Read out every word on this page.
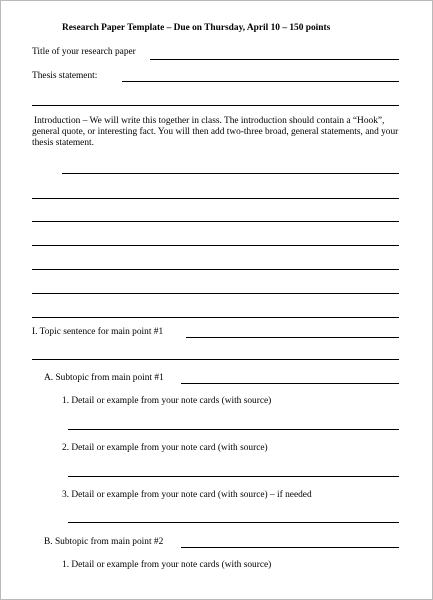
Research Paper Template – Due on Thursday, April 10 – 150 points
Title of your research paper
Thesis statement:
Introduction – We will write this together in class. The introduction should contain a “Hook”, general quote, or interesting fact. You will then add two-three broad, general statements, and your thesis statement.
I. Topic sentence for main point #1
A. Subtopic from main point #1
1. Detail or example from your note cards (with source)
2. Detail or example from your note card (with source)
3. Detail or example from your note card (with source) – if needed
B. Subtopic from main point #2
1. Detail or example from your note cards (with source)
